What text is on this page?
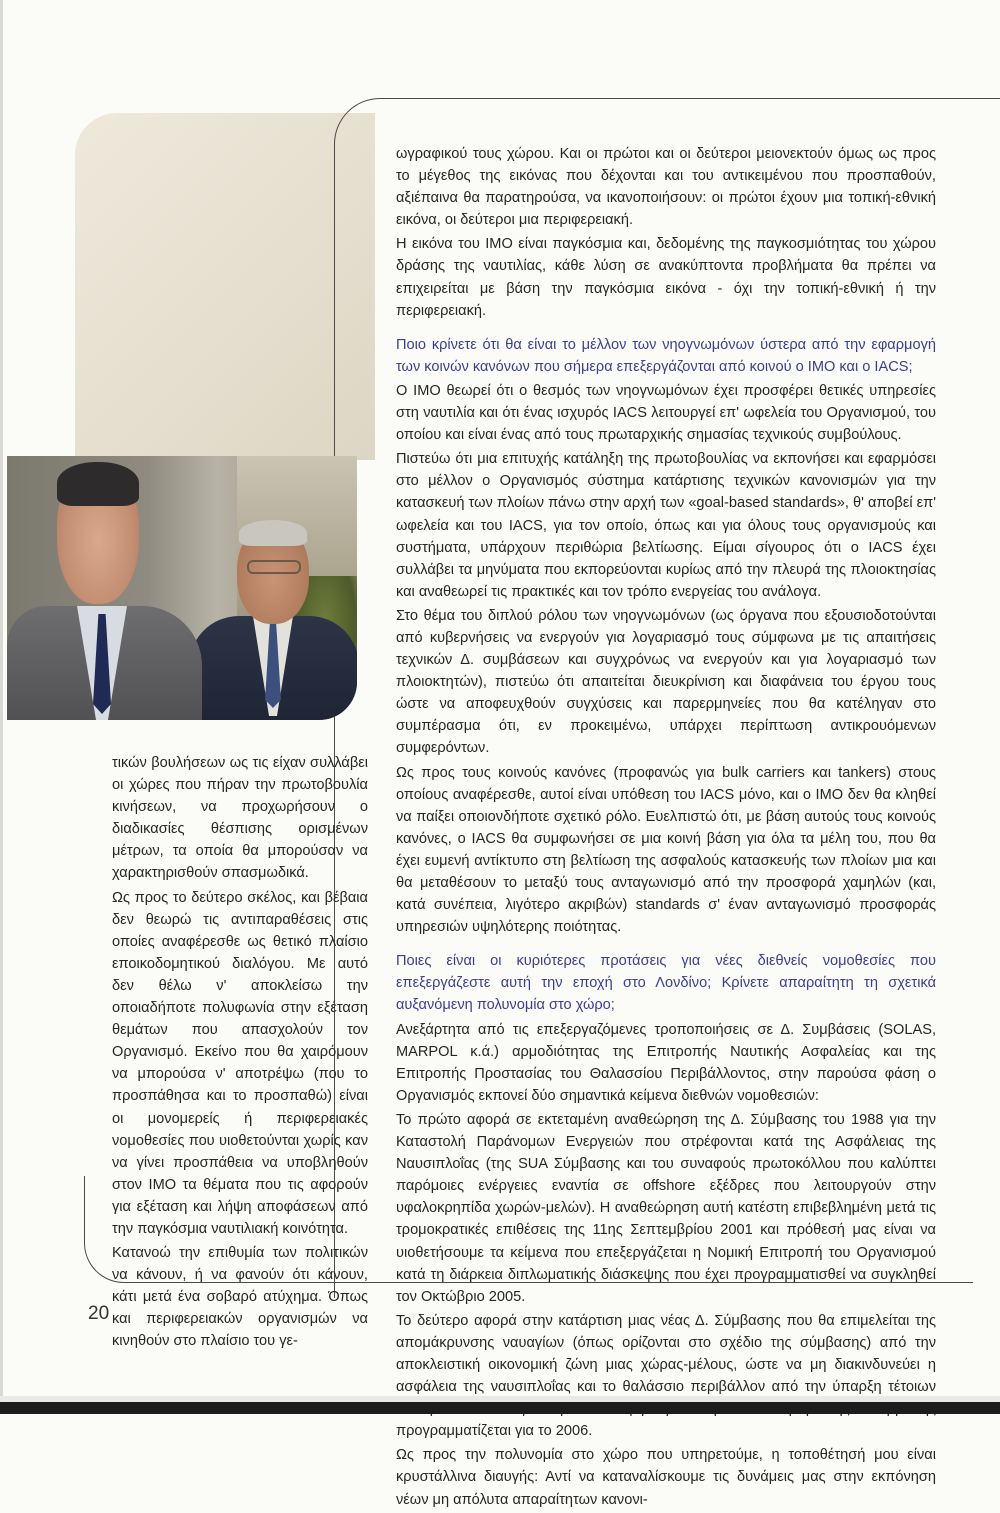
ωγραφικού τους χώρου. Και οι πρώτοι και οι δεύτεροι μειονεκτούν όμως ως προς το μέγεθος της εικόνας που δέχονται και του αντικειμένου που προσπαθούν, αξιέπαινα θα παρατηρούσα, να ικανοποιήσουν: οι πρώτοι έχουν μια τοπική-εθνική εικόνα, οι δεύτεροι μια περιφερειακή.

Η εικόνα του ΙΜΟ είναι παγκόσμια και, δεδομένης της παγκοσμιότητας του χώρου δράσης της ναυτιλίας, κάθε λύση σε ανακύπτοντα προβλήματα θα πρέπει να επιχειρείται με βάση την παγκόσμια εικόνα - όχι την τοπική-εθνική ή την περιφερειακή.

Ποιο κρίνετε ότι θα είναι το μέλλον των νηογνωμόνων ύστερα από την εφαρμογή των κοινών κανόνων που σήμερα επεξεργάζονται από κοινού ο ΙΜΟ και ο IACS;

Ο ΙΜΟ θεωρεί ότι ο θεσμός των νηογνωμόνων έχει προσφέρει θετικές υπηρεσίες στη ναυτιλία και ότι ένας ισχυρός IACS λειτουργεί επ' ωφελεία του Οργανισμού, του οποίου και είναι ένας από τους πρωταρχικής σημασίας τεχνικούς συμβούλους.

Πιστεύω ότι μια επιτυχής κατάληξη της πρωτοβουλίας να εκπονήσει και εφαρμόσει στο μέλλον ο Οργανισμός σύστημα κατάρτισης τεχνικών κανονισμών για την κατασκευή των πλοίων πάνω στην αρχή των «goal-based standards», θ' αποβεί επ' ωφελεία και του IACS, για τον οποίο, όπως και για όλους τους οργανισμούς και συστήματα, υπάρχουν περιθώρια βελτίωσης. Είμαι σίγουρος ότι ο IACS έχει συλλάβει τα μηνύματα που εκπορεύονται κυρίως από την πλευρά της πλοιοκτησίας και αναθεωρεί τις πρακτικές και τον τρόπο ενεργείας του ανάλογα.

Στο θέμα του διπλού ρόλου των νηογνωμόνων (ως όργανα που εξουσιοδοτούνται από κυβερνήσεις να ενεργούν για λογαριασμό τους σύμφωνα με τις απαιτήσεις τεχνικών Δ. συμβάσεων και συγχρόνως να ενεργούν και για λογαριασμό των πλοιοκτητών), πιστεύω ότι απαιτείται διευκρίνιση και διαφάνεια του έργου τους ώστε να αποφευχθούν συγχύσεις και παρερμηνείες που θα κατέληγαν στο συμπέρασμα ότι, εν προκειμένω, υπάρχει περίπτωση αντικρουόμενων συμφερόντων.

Ως προς τους κοινούς κανόνες (προφανώς για bulk carriers και tankers) στους οποίους αναφέρεσθε, αυτοί είναι υπόθεση του IACS μόνο, και ο ΙΜΟ δεν θα κληθεί να παίξει οποιονδήποτε σχετικό ρόλο. Ευελπιστώ ότι, με βάση αυτούς τους κοινούς κανόνες, ο IACS θα συμφωνήσει σε μια κοινή βάση για όλα τα μέλη του, που θα έχει ευμενή αντίκτυπο στη βελτίωση της ασφαλούς κατασκευής των πλοίων μια και θα μεταθέσουν το μεταξύ τους ανταγωνισμό από την προσφορά χαμηλών (και, κατά συνέπεια, λιγότερο ακριβών) standards σ' έναν ανταγωνισμό προσφοράς υπηρεσιών υψηλότερης ποιότητας.

Ποιες είναι οι κυριότερες προτάσεις για νέες διεθνείς νομοθεσίες που επεξεργάζεστε αυτή την εποχή στο Λονδίνο; Κρίνετε απαραίτητη τη σχετικά αυξανόμενη πολυνομία στο χώρο;

Ανεξάρτητα από τις επεξεργαζόμενες τροποποιήσεις σε Δ. Συμβάσεις (SOLAS, MARPOL κ.ά.) αρμοδιότητας της Επιτροπής Ναυτικής Ασφαλείας και της Επιτροπής Προστασίας του Θαλασσίου Περιβάλλοντος, στην παρούσα φάση ο Οργανισμός εκπονεί δύο σημαντικά κείμενα διεθνών νομοθεσιών:

Το πρώτο αφορά σε εκτεταμένη αναθεώρηση της Δ. Σύμβασης του 1988 για την Καταστολή Παράνομων Ενεργειών που στρέφονται κατά της Ασφάλειας της Ναυσιπλοΐας (της SUA Σύμβασης και του συναφούς πρωτοκόλλου που καλύπτει παρόμοιες ενέργειες εναντία σε offshore εξέδρες που λειτουργούν στην υφαλοκρηπίδα χωρών-μελών). Η αναθεώρηση αυτή κατέστη επιβεβλημένη μετά τις τρομοκρατικές επιθέσεις της 11ης Σεπτεμβρίου 2001 και πρόθεσή μας είναι να υιοθετήσουμε τα κείμενα που επεξεργάζεται η Νομική Επιτροπή του Οργανισμού κατά τη διάρκεια διπλωματικής διάσκεψης που έχει προγραμματισθεί να συγκληθεί τον Οκτώβριο 2005.

Το δεύτερο αφορά στην κατάρτιση μιας νέας Δ. Σύμβασης που θα επιμελείται της απομάκρυνσης ναυαγίων (όπως ορίζονται στο σχέδιο της σύμβασης) από την αποκλειστική οικονομική ζώνη μιας χώρας-μέλους, ώστε να μη διακινδυνεύει η ασφάλεια της ναυσιπλοΐας και το θαλάσσιο περιβάλλον από την ύπαρξη τέτοιων προγραμματίζεται για το 2006.

Ως προς την πολυνομία στο χώρο που υπηρετούμε, η τοποθέτησή μου είναι κρυστάλλινα διαυγής: Αντί να καταναλίσκουμε τις δυνάμεις μας στην εκπόνηση νέων μη απόλυτα απαραίτητων κανονι-

τικών βουλήσεων ως τις είχαν συλλάβει οι χώρες που πήραν την πρωτοβουλία κινήσεων, να προχωρήσουν ο διαδικασίες θέσπισης ορισμένων μέτρων, τα οποία θα μπορούσαν να χαρακτηρισθούν σπασμωδικά.

Ως προς το δεύτερο σκέλος, και βέβαια δεν θεωρώ τις αντιπαραθέσεις στις οποίες αναφέρεσθε ως θετικό πλαίσιο εποικοδομητικού διαλόγου. Με αυτό δεν θέλω ν' αποκλείσω την οποιαδήποτε πολυφωνία στην εξέταση θεμάτων που απασχολούν τον Οργανισμό. Εκείνο που θα χαιρόμουν να μπορούσα ν' αποτρέψω (που το προσπάθησα και το προσπαθώ) είναι οι μονομερείς ή περιφερειακές νομοθεσίες που υιοθετούνται χωρίς καν να γίνει προσπάθεια να υποβληθούν στον ΙΜΟ τα θέματα που τις αφορούν για εξέταση και λήψη αποφάσεων από την παγκόσμια ναυτιλιακή κοινότητα.

Κατανοώ την επιθυμία των πολιτικών να κάνουν, ή να φανούν ότι κάνουν, κάτι μετά ένα σοβαρό ατύχημα. Όπως και περιφερειακών οργανισμών να κινηθούν στο πλαίσιο του γε-

20
